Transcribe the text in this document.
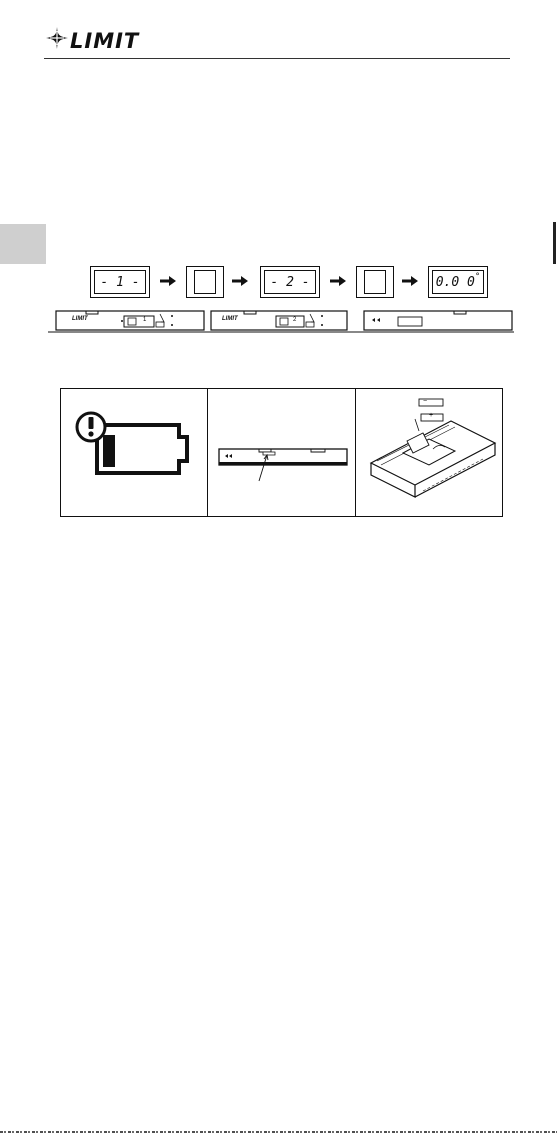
LIMIT
- 1 -	- 2 -	0.0 0 °
LIMIT	1	LIMIT	2
−
+
